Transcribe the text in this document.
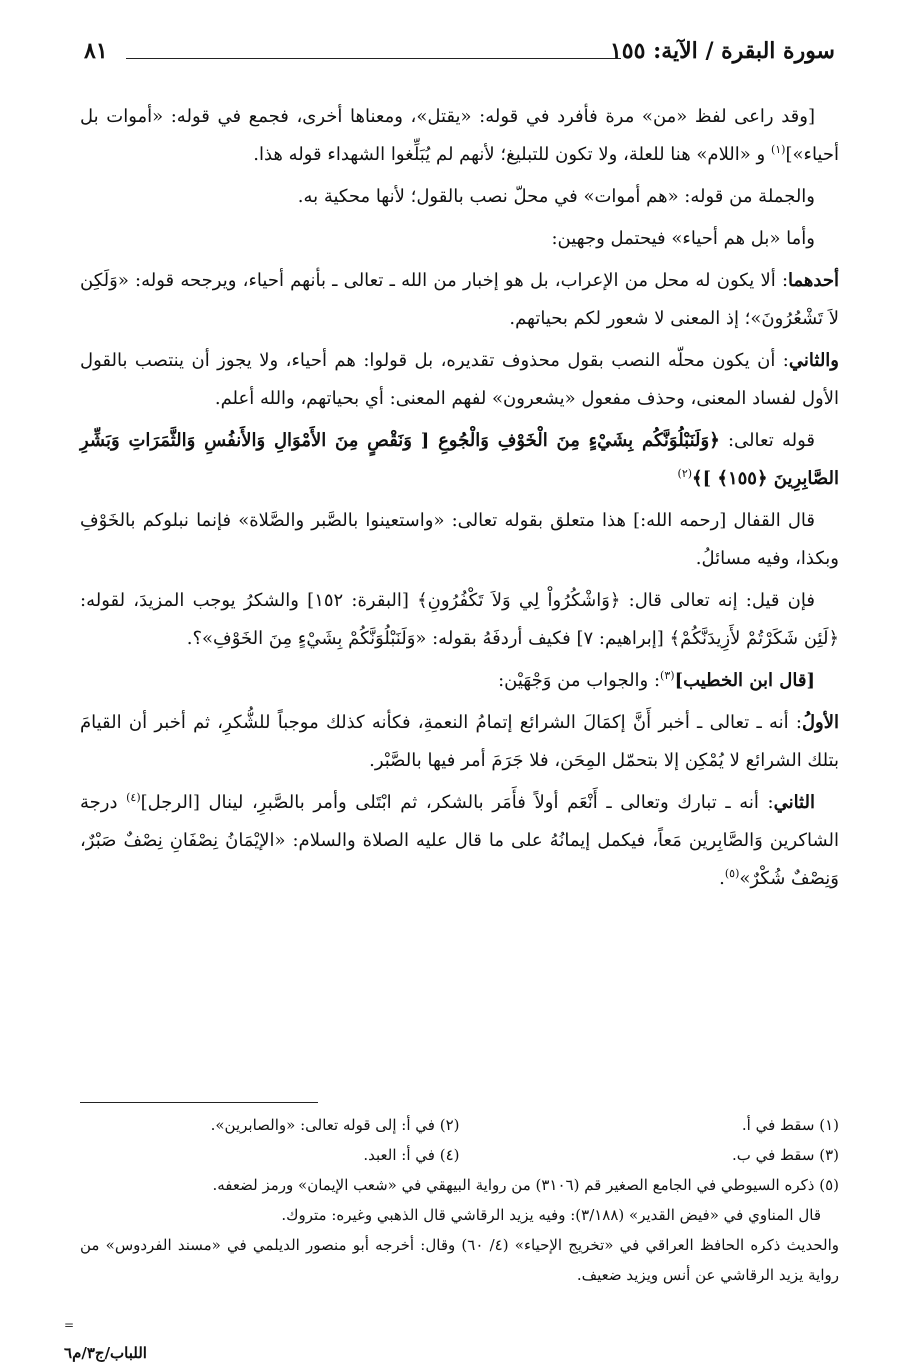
سورة البقرة / الآية: ١٥٥
٨١

[وقد راعى لفظ «من» مرة فأفرد في قوله: «يقتل»، ومعناها أخرى، فجمع في قوله: «أموات بل أحياء»]$^{(١)}$ و «اللام» هنا للعلة، ولا تكون للتبليغ؛ لأنهم لم يُبَلِّغوا الشهداء قوله هذا.

والجملة من قوله: «هم أموات» في محلّ نصب بالقول؛ لأنها محكية به.

وأما «بل هم أحياء» فيحتمل وجهين:

أحدهما: ألا يكون له محل من الإعراب، بل هو إخبار من الله ـ تعالى ـ بأنهم أحياء، ويرجحه قوله: «وَلَكِن لاَ تَشْعُرُونَ»؛ إذ المعنى لا شعور لكم بحياتهم.

والثاني: أن يكون محلّه النصب بقول محذوف تقديره، بل قولوا: هم أحياء، ولا يجوز أن ينتصب بالقول الأول لفساد المعنى، وحذف مفعول «يشعرون» لفهم المعنى: أي بحياتهم، والله أعلم.

قوله تعالى: ﴿وَلَنَبْلُوَنَّكُم بِشَيْءٍ مِنَ الْخَوْفِ وَالْجُوعِ [ وَنَقْصٍ مِنَ الأَمْوَالِ وَالأَنفُسِ وَالثَّمَرَاتِ وَبَشِّرِ الصَّابِرِينَ ﴿١٥٥﴾ ]﴾$^{(٢)}$

قال القفال [رحمه الله:] هذا متعلق بقوله تعالى: «واستعينوا بالصَّبر والصَّلاة» فإنما نبلوكم بالخَوْفِ وبكذا، وفيه مسائلُ.

فإن قيل: إنه تعالى قال: ﴿وَاشْكُرُواْ لِي وَلاَ تَكْفُرُونِ﴾ [البقرة: ١٥٢] والشكرُ يوجب المزيدَ، لقوله: ﴿لَئِن شَكَرْتُمْ لأَزِيدَنَّكُمْ﴾ [إبراهيم: ٧] فكيف أردفَهُ بقوله: «وَلَنَبْلُوَنَّكُمْ بِشَيْءٍ مِنَ الخَوْفِ»؟.

[قال ابن الخطيب]$^{(٣)}$: والجواب من وَجْهَيْن:

الأولُ: أنه ـ تعالى ـ أخبر أَنَّ إكمَالَ الشرائع إتمامُ النعمةِ، فكأنه كذلك موجباً للشُّكرِ، ثم أخبر أن القيامَ بتلك الشرائع لا يُمْكِن إلا بتحمّل المِحَن، فلا جَرَمَ أمر فيها بالصَّبْر.

الثاني: أنه ـ تبارك وتعالى ـ أَنْعَم أولاً فأَمَر بالشكر، ثم ابْتَلى وأمر بالصَّبرِ، لينال [الرجل]$^{(٤)}$ درجة الشاكرين وَالصَّابِرين مَعاً، فيكمل إيمانُهُ على ما قال عليه الصلاة والسلام: «الإيْمَانُ نِصْفَانِ نِصْفٌ صَبْرٌ، وَنِصْفٌ شُكْرٌ»$^{(٥)}$.

(١) سقط في أ.
(٢) في أ: إلى قوله تعالى: «والصابرين».
(٣) سقط في ب.
(٤) في أ: العبد.
(٥) ذكره السيوطي في الجامع الصغير قم (٣١٠٦) من رواية البيهقي في «شعب الإيمان» ورمز لضعفه.
قال المناوي في «فيض القدير» (٣/١٨٨): وفيه يزيد الرقاشي قال الذهبي وغيره: متروك.
والحديث ذكره الحافظ العراقي في «تخريج الإحياء» (٤/ ٦٠) وقال: أخرجه أبو منصور الديلمي في «مسند الفردوس» من رواية يزيد الرقاشي عن أنس ويزيد ضعيف.
=
اللباب/ج٣/م٦
